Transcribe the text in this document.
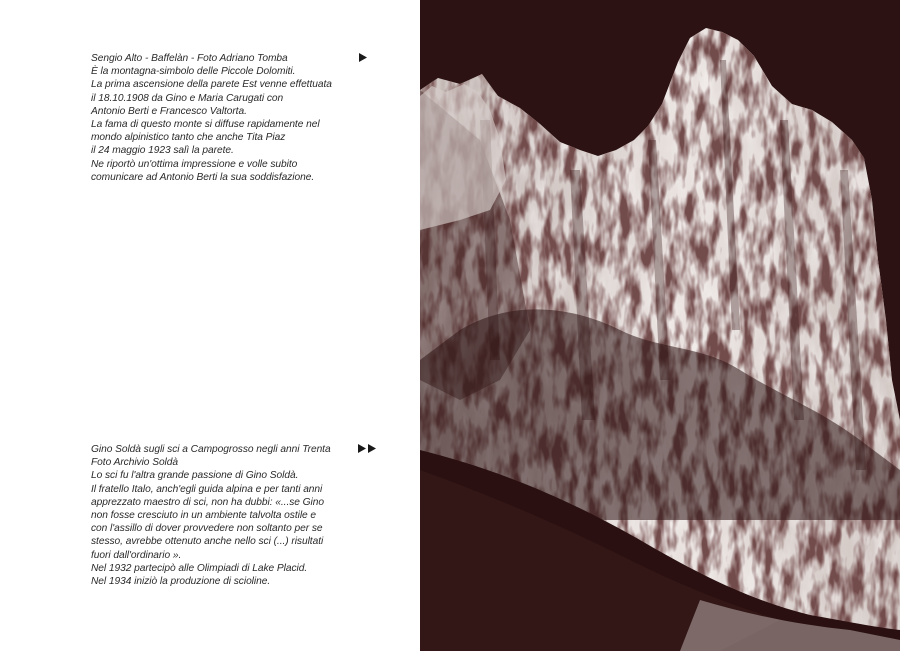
Sengio Alto - Baffelàn - Foto Adriano Tomba
È la montagna-simbolo delle Piccole Dolomiti.
La prima ascensione della parete Est venne effettuata
il 18.10.1908 da Gino e Maria Carugati con
Antonio Berti e Francesco Valtorta.
La fama di questo monte si diffuse rapidamente nel
mondo alpinistico tanto che anche Tita Piaz
il 24 maggio 1923 salì la parete.
Ne riportò un'ottima impressione e volle subito
comunicare ad Antonio Berti la sua soddisfazione.
Gino Soldà sugli sci a Campogrosso negli anni Trenta
Foto Archivio Soldà
Lo sci fu l'altra grande passione di Gino Soldà.
Il fratello Italo, anch'egli guida alpina e per tanti anni
apprezzato maestro di sci, non ha dubbi: «...se Gino
non fosse cresciuto in un ambiente talvolta ostile e
con l'assillo di dover provvedere non soltanto per se
stesso, avrebbe ottenuto anche nello sci (...) risultati
fuori dall'ordinario ».
Nel 1932 partecipò alle Olimpiadi di Lake Placid.
Nel 1934 iniziò la produzione di scioline.
